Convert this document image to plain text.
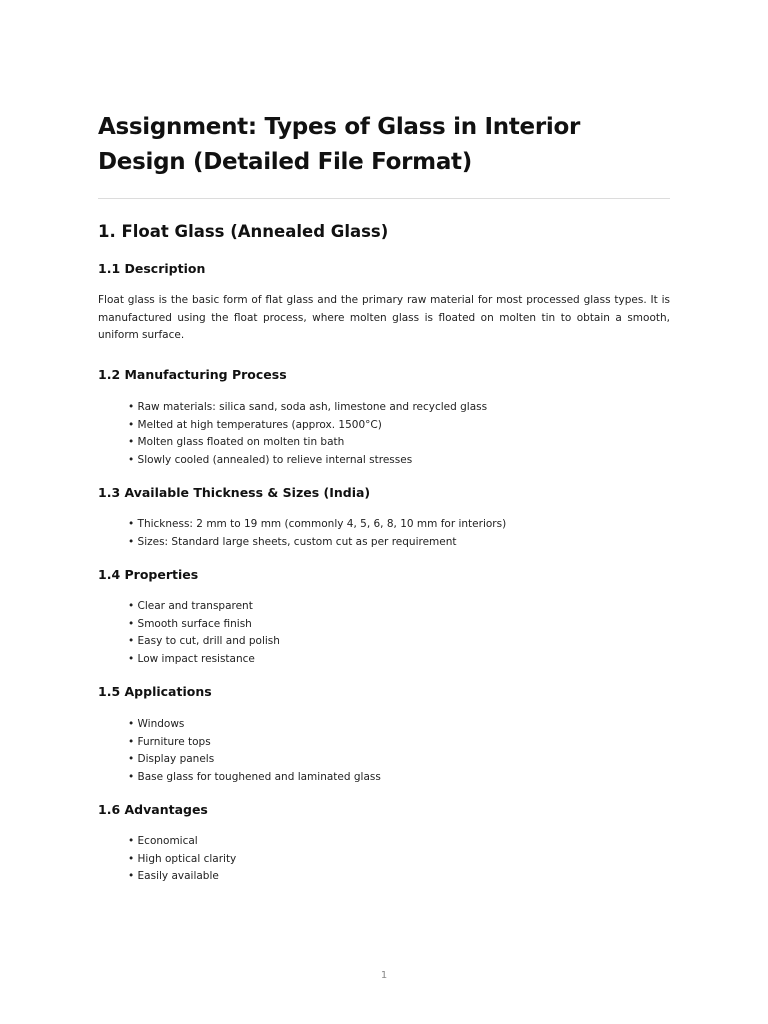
Assignment: Types of Glass in Interior Design (Detailed File Format)
1. Float Glass (Annealed Glass)
1.1 Description

Float glass is the basic form of flat glass and the primary raw material for most processed glass types. It is manufactured using the float process, where molten glass is floated on molten tin to obtain a smooth, uniform surface.

1.2 Manufacturing Process
• Raw materials: silica sand, soda ash, limestone and recycled glass
• Melted at high temperatures (approx. 1500°C)
• Molten glass floated on molten tin bath
• Slowly cooled (annealed) to relieve internal stresses
1.3 Available Thickness & Sizes (India)
• Thickness: 2 mm to 19 mm (commonly 4, 5, 6, 8, 10 mm for interiors)
• Sizes: Standard large sheets, custom cut as per requirement
1.4 Properties
• Clear and transparent
• Smooth surface finish
• Easy to cut, drill and polish
• Low impact resistance
1.5 Applications
• Windows
• Furniture tops
• Display panels
• Base glass for toughened and laminated glass
1.6 Advantages
• Economical
• High optical clarity
• Easily available
1
